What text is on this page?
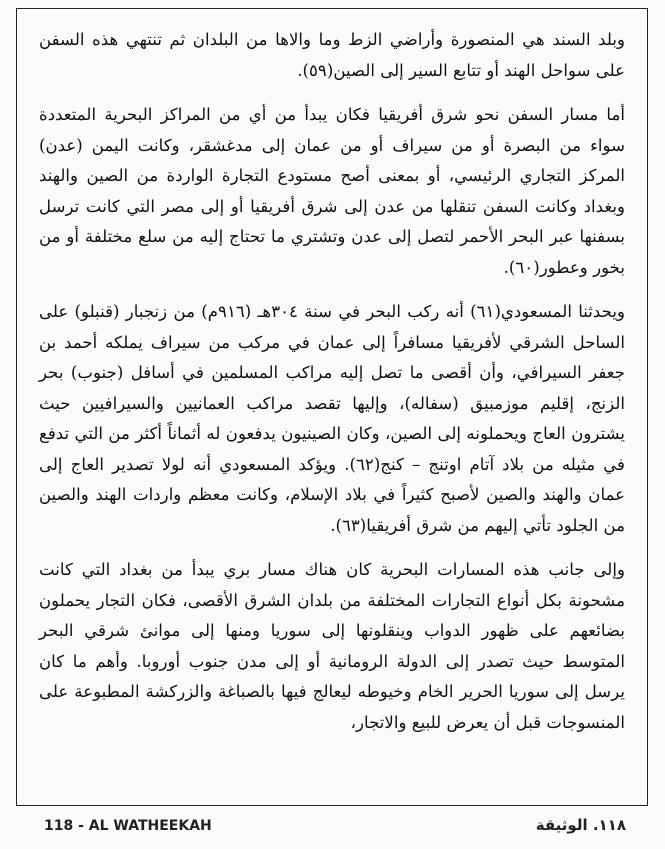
وبلد السند هي المنصورة وأراضي الزط وما والاها من البلدان ثم تنتهي هذه السفن على سواحل الهند أو تتابع السير إلى الصين(٥٩).

أما مسار السفن نحو شرق أفريقيا فكان يبدأ من أي من المراكز البحرية المتعددة سواء من البصرة أو من سيراف أو من عمان إلى مدغشقر، وكانت اليمن (عدن) المركز التجاري الرئيسي، أو بمعنى أصح مستودع التجارة الواردة من الصين والهند وبغداد وكانت السفن تنقلها من عدن إلى شرق أفريقيا أو إلى مصر التي كانت ترسل بسفنها عبر البحر الأحمر لتصل إلى عدن وتشتري ما تحتاج إليه من سلع مختلفة أو من بخور وعطور(٦٠).

ويحدثنا المسعودي(٦١) أنه ركب البحر في سنة ٣٠٤هـ (٩١٦م) من زنجبار (قنبلو) على الساحل الشرقي لأفريقيا مسافراً إلى عمان في مركب من سيراف يملكه أحمد بن جعفر السيرافي، وأن أقصى ما تصل إليه مراكب المسلمين في أسافل (جنوب) بحر الزنج، إقليم موزمبيق (سفاله)، وإليها تقصد مراكب العمانيين والسيرافيين حيث يشترون العاج ويحملونه إلى الصين، وكان الصينيون يدفعون له أثماناً أكثر من التي تدفع في مثيله من بلاد آتام اوتنج – كنج(٦٢). ويؤكد المسعودي أنه لولا تصدير العاج إلى عمان والهند والصين لأصبح كثيراً في بلاد الإسلام، وكانت معظم واردات الهند والصين من الجلود تأتي إليهم من شرق أفريقيا(٦٣).

وإلى جانب هذه المسارات البحرية كان هناك مسار بري يبدأ من بغداد التي كانت مشحونة بكل أنواع التجارات المختلفة من بلدان الشرق الأقصى، فكان التجار يحملون بضائعهم على ظهور الدواب وينقلونها إلى سوريا ومنها إلى موانئ شرقي البحر المتوسط حيث تصدر إلى الدولة الرومانية أو إلى مدن جنوب أوروبا. وأهم ما كان يرسل إلى سوريا الحرير الخام وخيوطه ليعالج فيها بالصباغة والزركشة المطبوعة على المنسوجات قبل أن يعرض للبيع والاتجار،

118 - AL WATHEEKAH	١١٨. الوثيقة
